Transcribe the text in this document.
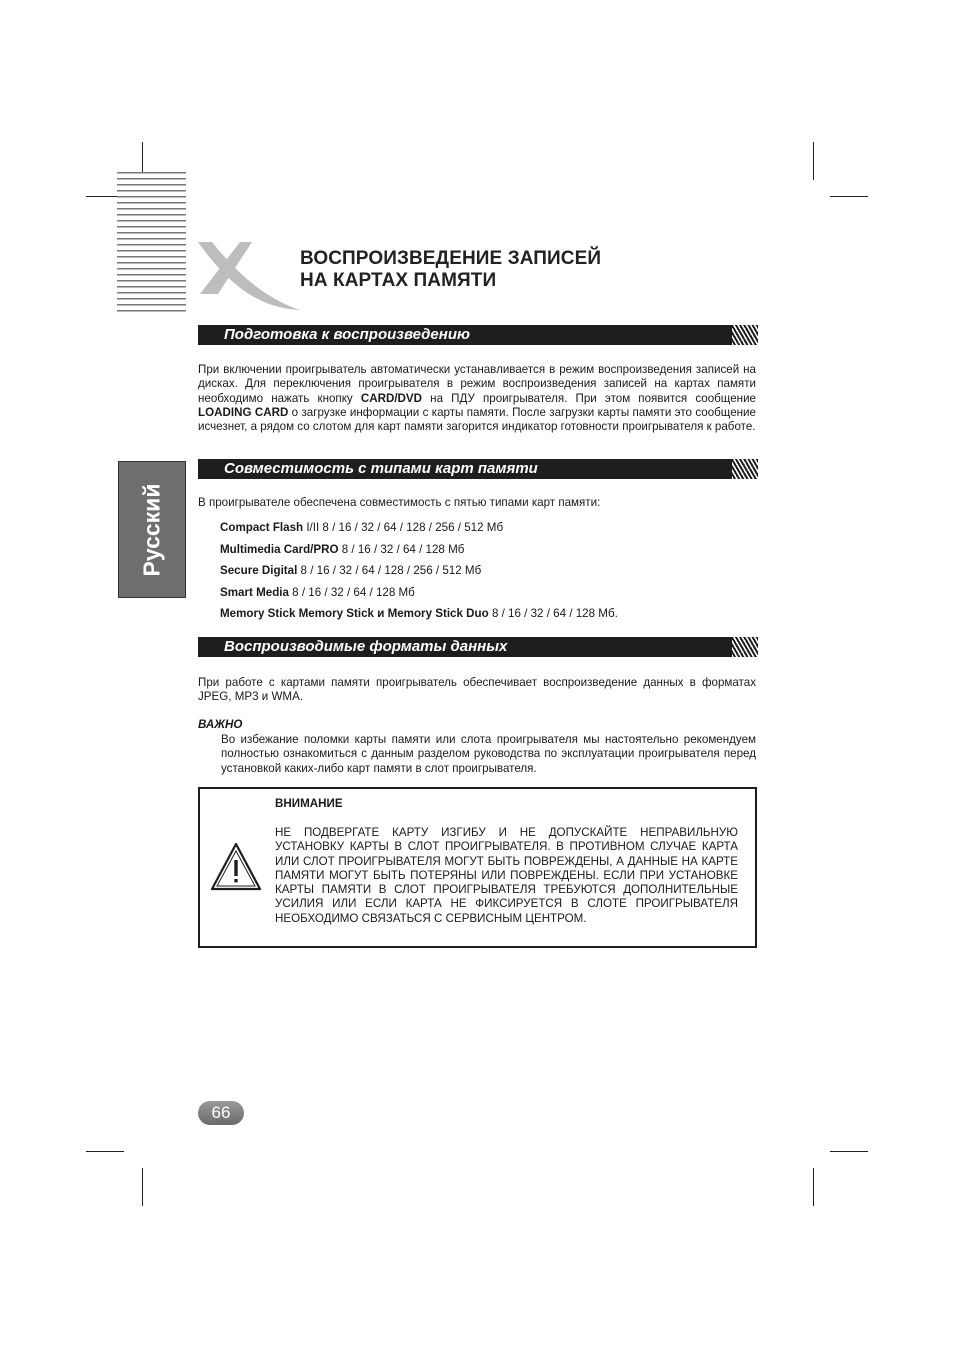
ВОСПРОИЗВЕДЕНИЕ ЗАПИСЕЙ
НА КАРТАХ ПАМЯТИ
Подготовка к воспроизведению
При включении проигрыватель автоматически устанавливается в режим воспроизведения записей на дисках. Для переключения проигрывателя в режим воспроизведения записей на картах памяти необходимо нажать кнопку CARD/DVD на ПДУ проигрывателя. При этом появится сообщение LOADING CARD о загрузке информации с карты памяти. После загрузки карты памяти это сообщение исчезнет, а рядом со слотом для карт памяти загорится индикатор готовности проигрывателя к работе.
Русский
Совместимость с типами карт памяти
В проигрывателе обеспечена совместимость с пятью типами карт памяти:
Compact Flash I/II 8 / 16 / 32 / 64 / 128 / 256 / 512 Мб
Multimedia Card/PRO 8 / 16 / 32 / 64 / 128 Мб
Secure Digital 8 / 16 / 32 / 64 / 128 / 256 / 512 Мб
Smart Media 8 / 16 / 32 / 64 / 128 Мб
Memory Stick Memory Stick и Memory Stick Duo 8 / 16 / 32 / 64 / 128 Мб.
Воспроизводимые форматы данных
При работе с картами памяти проигрыватель обеспечивает воспроизведение данных в форматах JPEG, MP3 и WMA.
ВАЖНО
Во избежание поломки карты памяти или слота проигрывателя мы настоятельно рекомендуем полностью ознакомиться с данным разделом руководства по эксплуатации проигрывателя перед установкой каких-либо карт памяти в слот проигрывателя.
ВНИМАНИЕ
НЕ ПОДВЕРГАТЕ КАРТУ ИЗГИБУ И НЕ ДОПУСКАЙТЕ НЕПРАВИЛЬНУЮ УСТАНОВКУ КАРТЫ В СЛОТ ПРОИГРЫВАТЕЛЯ. В ПРОТИВНОМ СЛУЧАЕ КАРТА ИЛИ СЛОТ ПРОИГРЫВАТЕЛЯ МОГУТ БЫТЬ ПОВРЕЖДЕНЫ, А ДАННЫЕ НА КАРТЕ ПАМЯТИ МОГУТ БЫТЬ ПОТЕРЯНЫ ИЛИ ПОВРЕЖДЕНЫ. ЕСЛИ ПРИ УСТАНОВКЕ КАРТЫ ПАМЯТИ В СЛОТ ПРОИГРЫВАТЕЛЯ ТРЕБУЮТСЯ ДОПОЛНИТЕЛЬНЫЕ УСИЛИЯ ИЛИ ЕСЛИ КАРТА НЕ ФИКСИРУЕТСЯ В СЛОТЕ ПРОИГРЫВАТЕЛЯ НЕОБХОДИМО СВЯЗАТЬСЯ С СЕРВИСНЫМ ЦЕНТРОМ.
66
